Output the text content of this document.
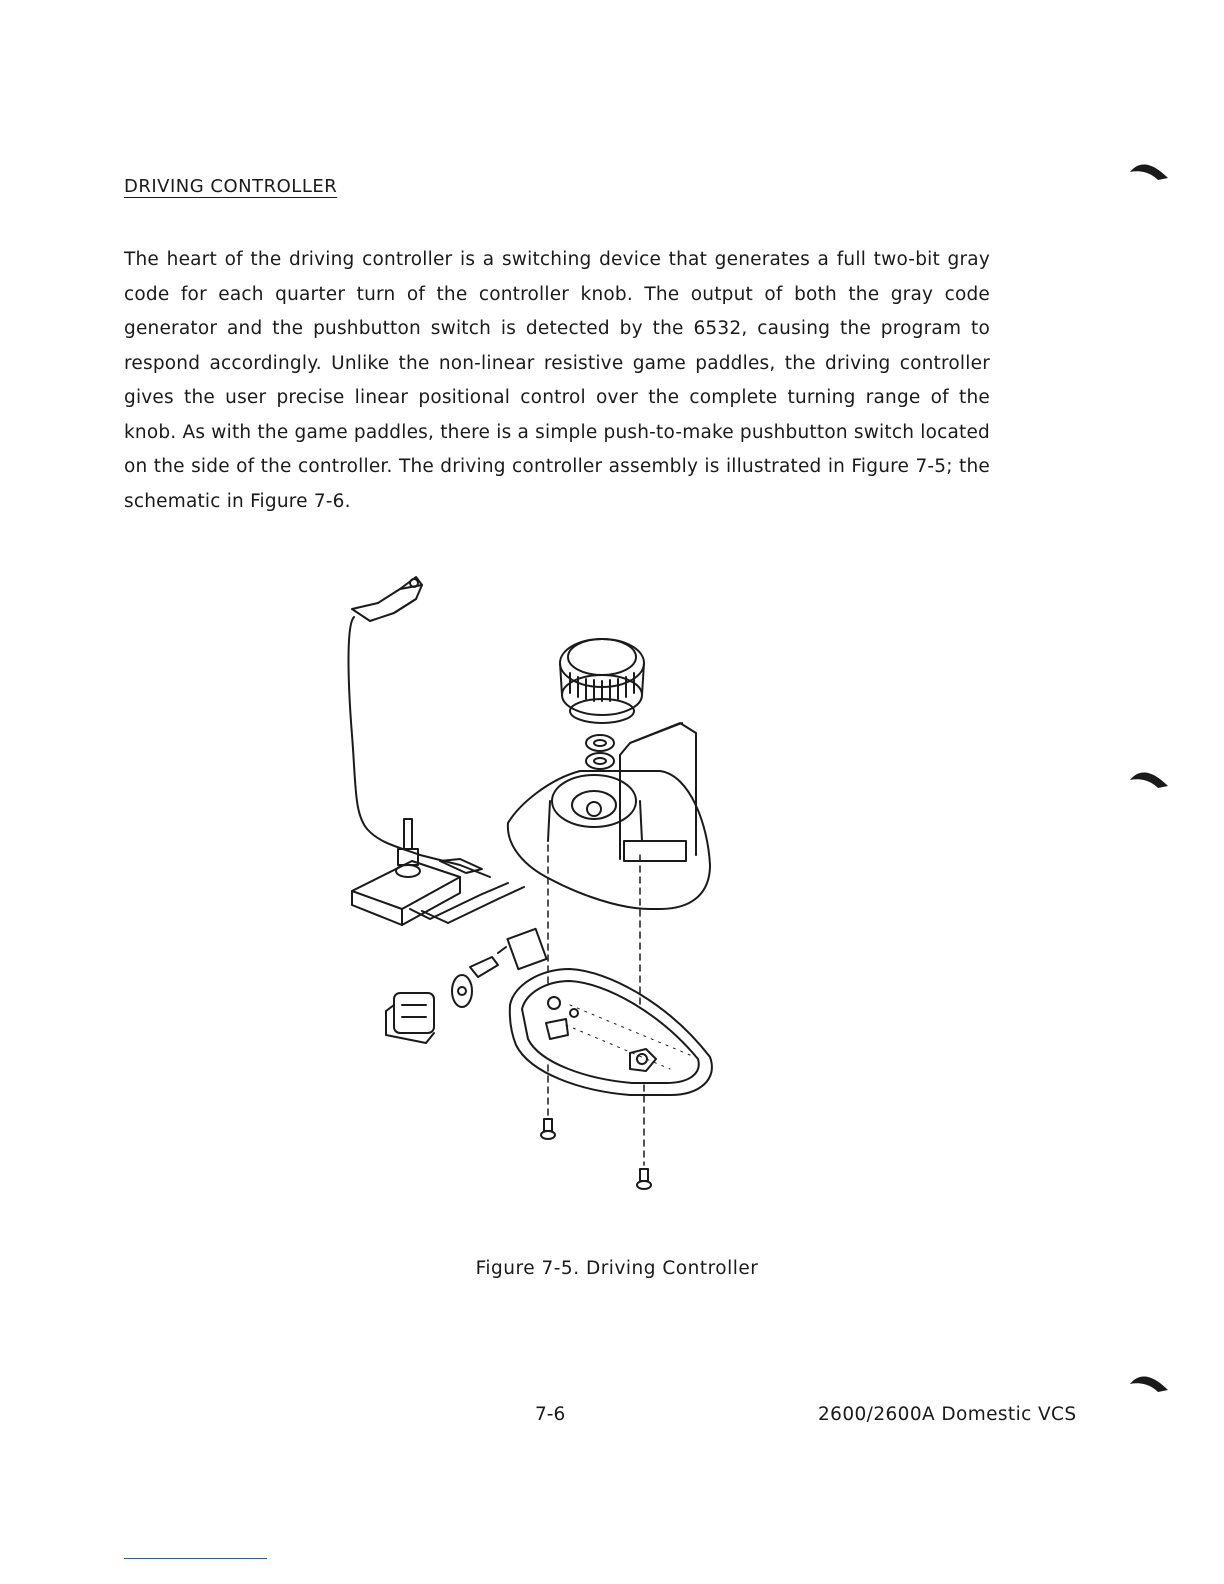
DRIVING CONTROLLER
The heart of the driving controller is a switching device that generates a full two-bit gray code for each quarter turn of the controller knob. The output of both the gray code generator and the pushbutton switch is detected by the 6532, causing the program to respond accordingly. Unlike the non-linear resistive game paddles, the driving controller gives the user precise linear positional control over the complete turning range of the knob. As with the game paddles, there is a simple push-to-make pushbutton switch located on the side of the controller. The driving controller assembly is illustrated in Figure 7-5; the schematic in Figure 7-6.
Figure 7-5. Driving Controller
7-6	2600/2600A Domestic VCS
